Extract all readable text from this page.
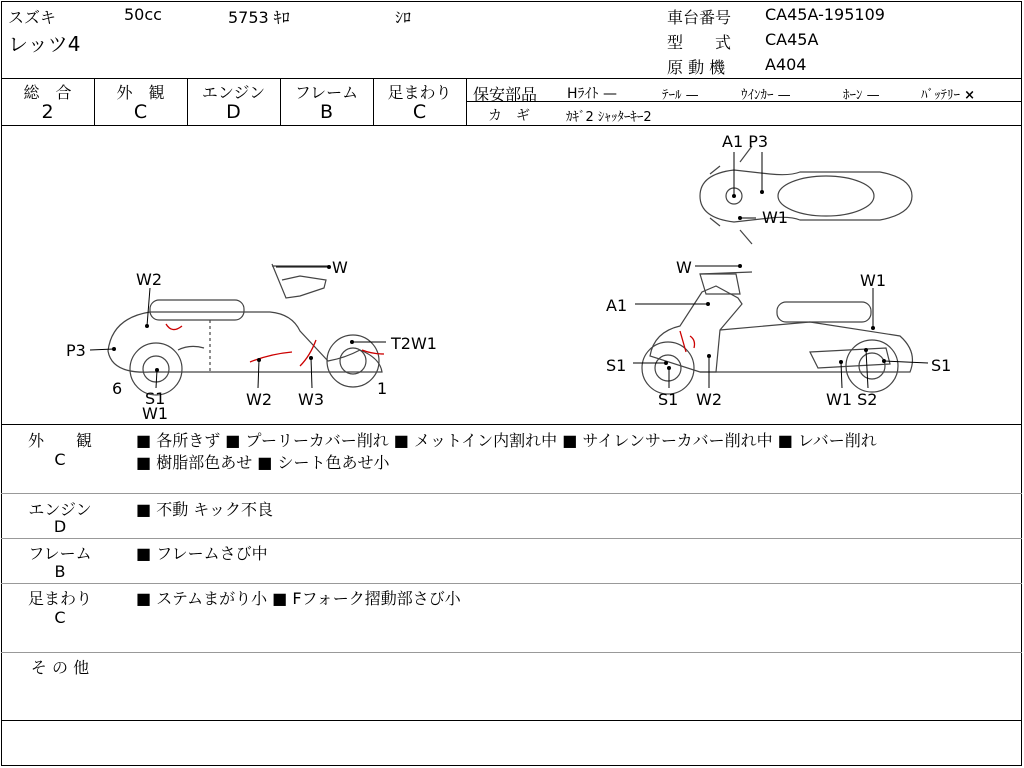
スズキ	50cc	5753 ｷﾛ	ｼﾛ
レッツ4
車台番号 CA45A-195109
型　　式 CA45A
原 動 機 A404
総　合
2
外　観
C
エンジン
D
フレーム
B
足まわり
C
保安部品 Hﾗｲﾄ —	ﾃｰﾙ —	ｳｲﾝｶｰ —	ﾎｰﾝ —	ﾊﾞｯﾃﾘｰ ×
カ　ギ	ｶｷﾞ2 ｼｬｯﾀｰｷｰ2
W
W2
P3	T2W1
6
S1
W1
W2 W3
1
W
W1
A1
S1	S1
S1 W2	W1 S2
A1 P3
W1
外　　観
C
■ 各所きず ■ プーリーカバー削れ ■ メットイン内割れ中 ■ サイレンサーカバー削れ中 ■ レバー削れ
■ 樹脂部色あせ ■ シート色あせ小
エンジン
D
■ 不動 キック不良
フレーム
B
■ フレームさび中
足まわり
C
■ ステムまがり小 ■ Fフォーク摺動部さび小
そ の 他
